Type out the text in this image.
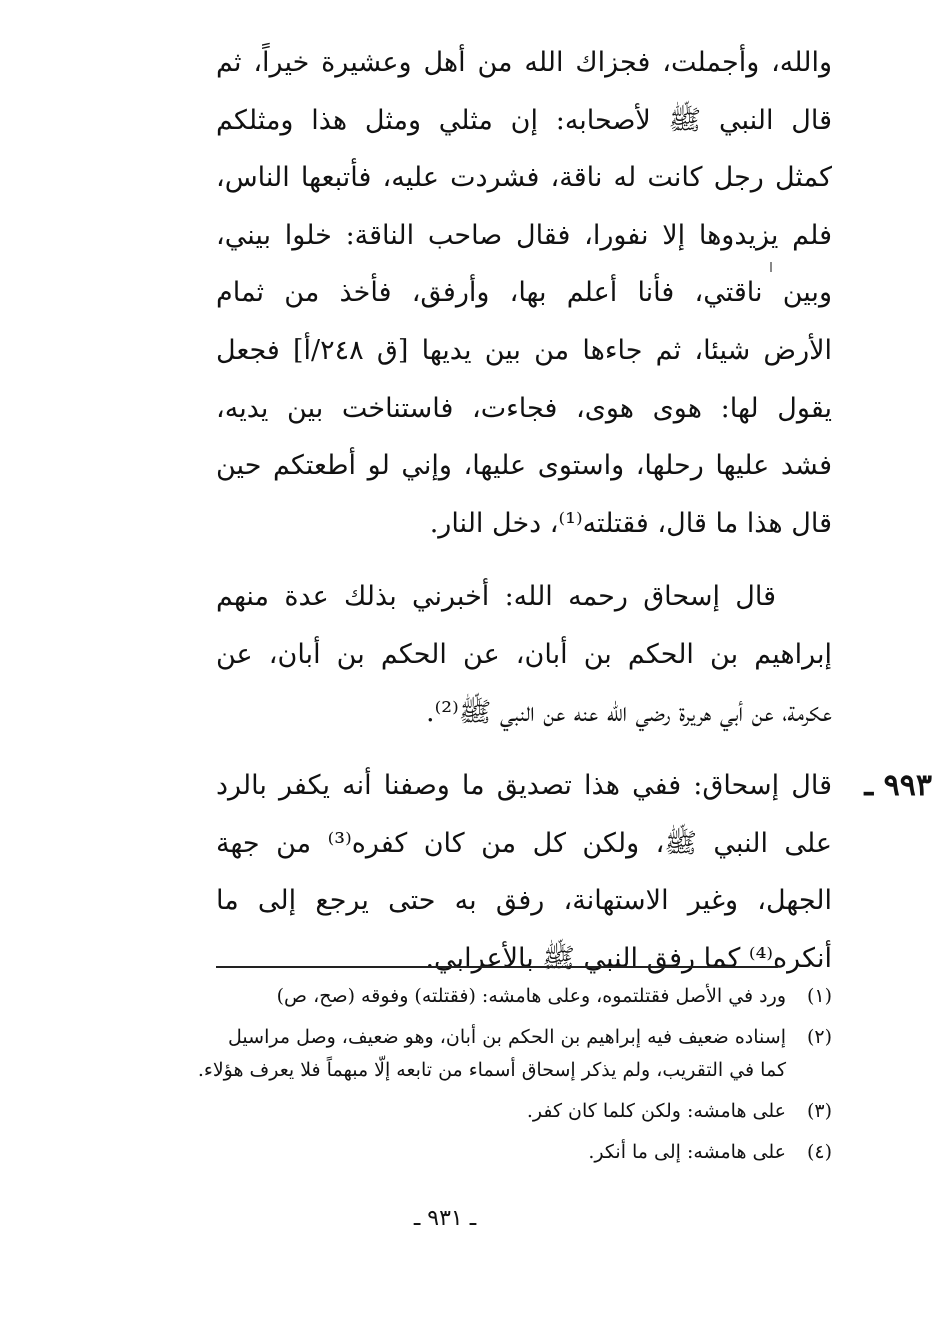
والله، وأجملت، فجزاك الله من أهل وعشيرة خيراً، ثم
قال النبي ﷺ لأصحابه: إن مثلي ومثل هذا ومثلكم
كمثل رجل كانت له ناقة، فشردت عليه، فأتبعها الناس،
فلم يزيدوها إلا نفورا، فقال صاحب الناقة: خلوا بيني،
وبين ناقتي، فأنا أعلم بها، وأرفق، فأخذ من ثمام
الأرض شيئا، ثم جاءها من بين يديها [ق ٢٤٨/أ] فجعل
يقول لها: هوى هوى، فجاءت، فاستناخت بين يديه،
فشد عليها رحلها، واستوى عليها، وإني لو أطعتكم حين
قال هذا ما قال، فقتلته⁽¹⁾، دخل النار.
قال إسحاق رحمه الله: أخبرني بذلك عدة منهم
إبراهيم بن الحكم بن أبان، عن الحكم بن أبان، عن
عكرمة، عن أبي هريرة رضي الله عنه عن النبي ﷺ⁽²⁾.
٩٩٣ ـ
قال إسحاق: ففي هذا تصديق ما وصفنا أنه يكفر بالرد
على النبي ﷺ، ولكن كل من كان كفره⁽³⁾ من جهة
الجهل، وغير الاستهانة، رفق به حتى يرجع إلى ما
أنكره⁽⁴⁾ كما رفق النبي ﷺ بالأعرابي.
(١)
ورد في الأصل فقتلتموه، وعلى هامشه: (فقتلته) وفوقه (صح، ص)
(٢)
إسناده ضعيف فيه إبراهيم بن الحكم بن أبان، وهو ضعيف، وصل مراسيل
كما في التقريب، ولم يذكر إسحاق أسماء من تابعه إلّا مبهماً فلا يعرف هؤلاء.
(٣)
على هامشه: ولكن كلما كان كفر.
(٤)
على هامشه: إلى ما أنكر.
ـ ٩٣١ ـ
